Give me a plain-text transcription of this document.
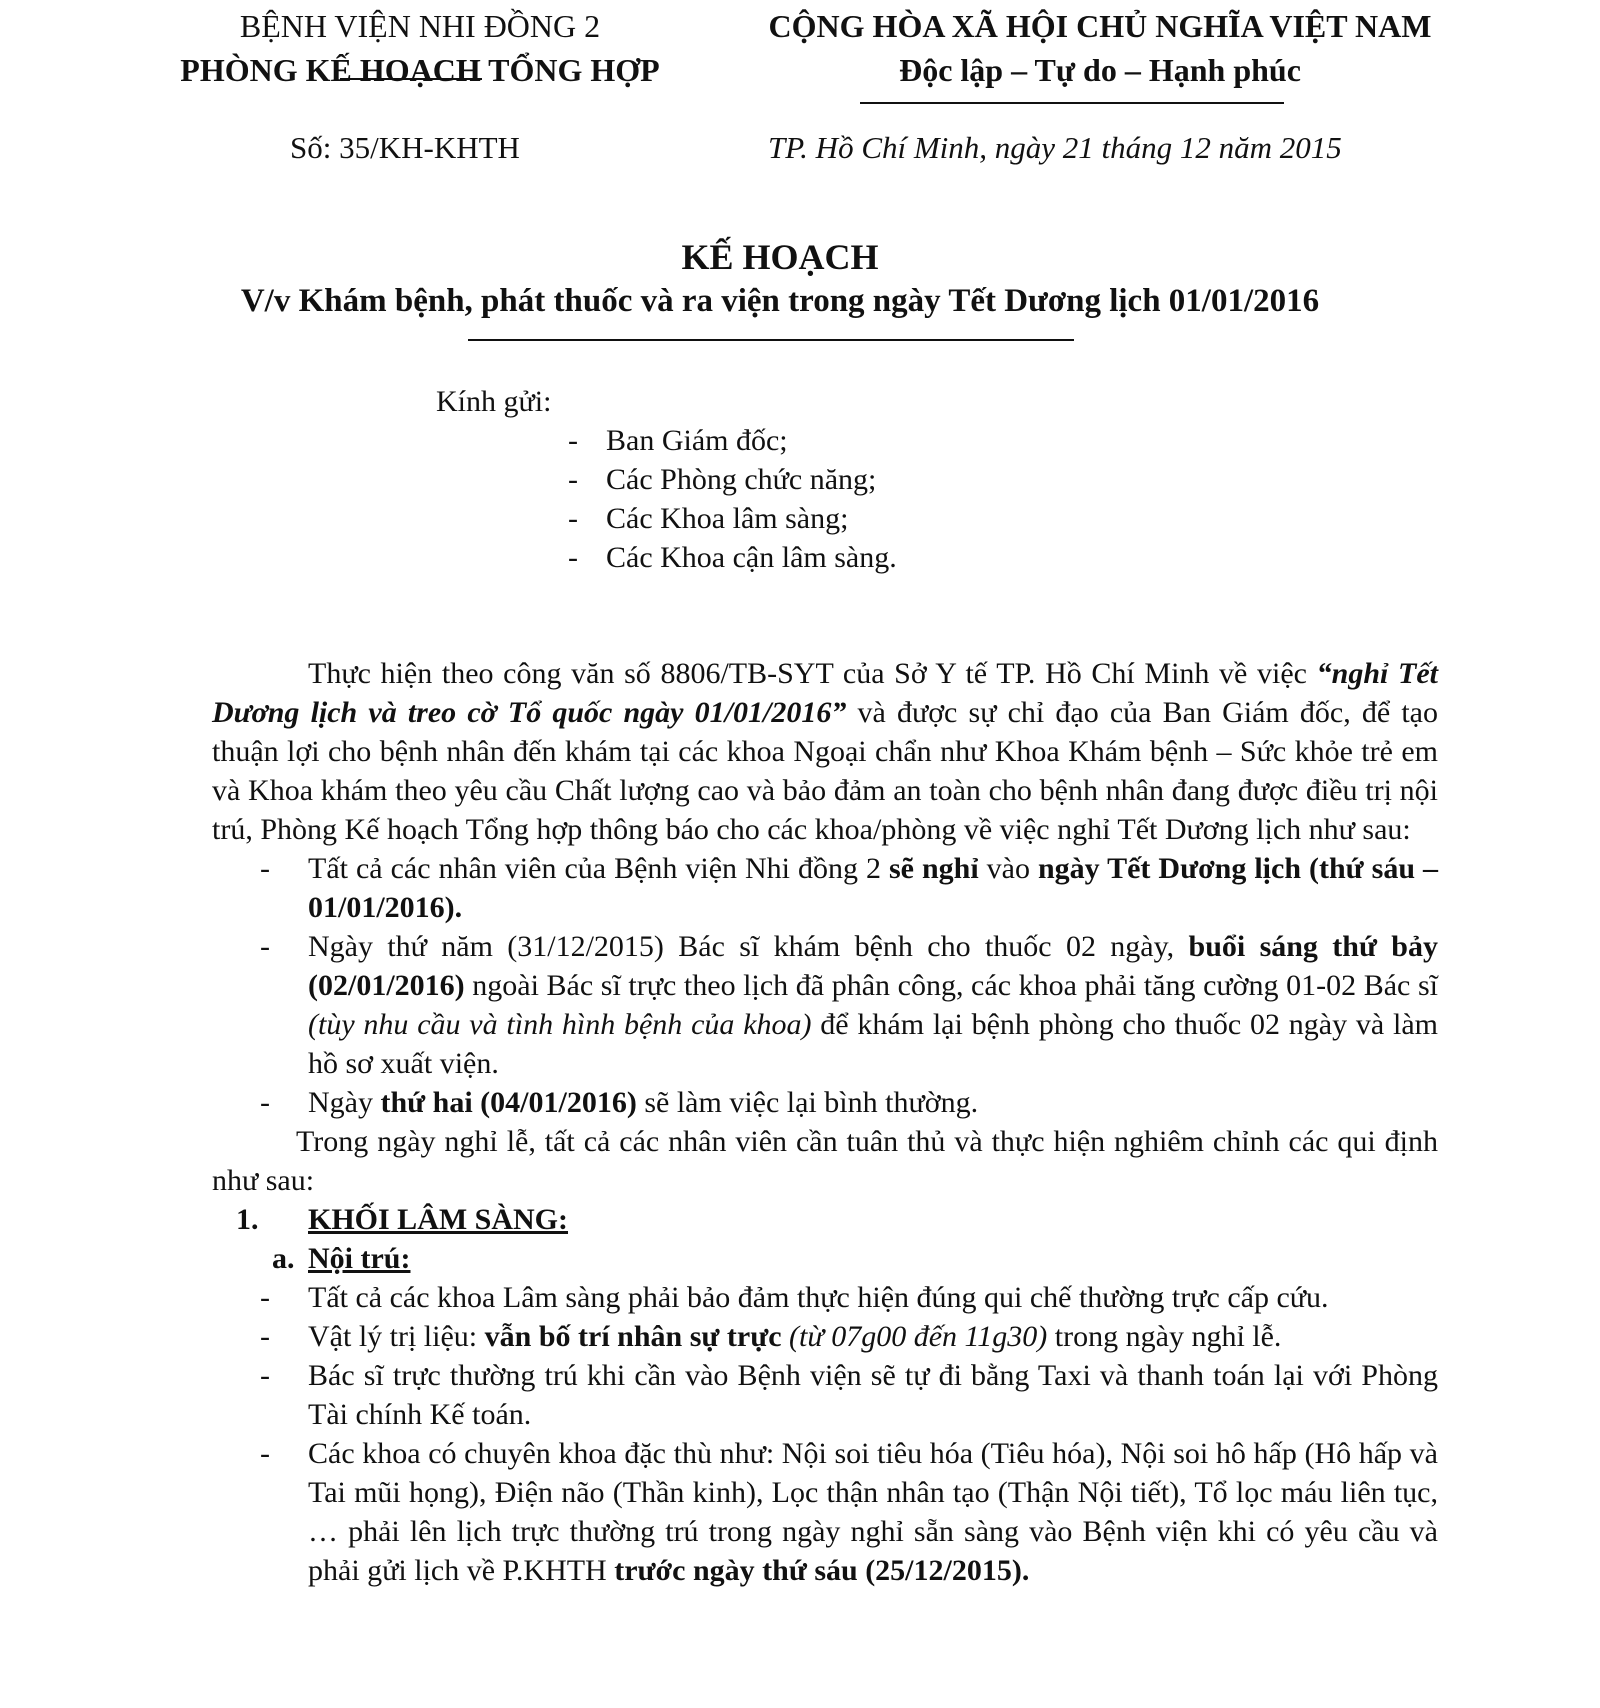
BỆNH VIỆN NHI ĐỒNG 2
PHÒNG KẾ HOẠCH TỔNG HỢP
CỘNG HÒA XÃ HỘI CHỦ NGHĨA VIỆT NAM
Độc lập – Tự do – Hạnh phúc
Số: 35/KH-KHTH	TP. Hồ Chí Minh, ngày 21 tháng 12 năm 2015
KẾ HOẠCH
V/v Khám bệnh, phát thuốc và ra viện trong ngày Tết Dương lịch 01/01/2016
Kính gửi:
- Ban Giám đốc;
- Các Phòng chức năng;
- Các Khoa lâm sàng;
- Các Khoa cận lâm sàng.

Thực hiện theo công văn số 8806/TB-SYT của Sở Y tế TP. Hồ Chí Minh về việc “nghỉ Tết Dương lịch và treo cờ Tổ quốc ngày 01/01/2016” và được sự chỉ đạo của Ban Giám đốc, để tạo thuận lợi cho bệnh nhân đến khám tại các khoa Ngoại chẩn như Khoa Khám bệnh – Sức khỏe trẻ em và Khoa khám theo yêu cầu Chất lượng cao và bảo đảm an toàn cho bệnh nhân đang được điều trị nội trú, Phòng Kế hoạch Tổng hợp thông báo cho các khoa/phòng về việc nghỉ Tết Dương lịch như sau:

- Tất cả các nhân viên của Bệnh viện Nhi đồng 2 sẽ nghỉ vào ngày Tết Dương lịch (thứ sáu – 01/01/2016).

- Ngày thứ năm (31/12/2015) Bác sĩ khám bệnh cho thuốc 02 ngày, buổi sáng thứ bảy (02/01/2016) ngoài Bác sĩ trực theo lịch đã phân công, các khoa phải tăng cường 01-02 Bác sĩ (tùy nhu cầu và tình hình bệnh của khoa) để khám lại bệnh phòng cho thuốc 02 ngày và làm hồ sơ xuất viện.

- Ngày thứ hai (04/01/2016) sẽ làm việc lại bình thường.

Trong ngày nghỉ lễ, tất cả các nhân viên cần tuân thủ và thực hiện nghiêm chỉnh các qui định như sau:

1. KHỐI LÂM SÀNG:
a. Nội trú:

- Tất cả các khoa Lâm sàng phải bảo đảm thực hiện đúng qui chế thường trực cấp cứu.

- Vật lý trị liệu: vẫn bố trí nhân sự trực (từ 07g00 đến 11g30) trong ngày nghỉ lễ.

- Bác sĩ trực thường trú khi cần vào Bệnh viện sẽ tự đi bằng Taxi và thanh toán lại với Phòng Tài chính Kế toán.

- Các khoa có chuyên khoa đặc thù như: Nội soi tiêu hóa (Tiêu hóa), Nội soi hô hấp (Hô hấp và Tai mũi họng), Điện não (Thần kinh), Lọc thận nhân tạo (Thận Nội tiết), Tổ lọc máu liên tục, … phải lên lịch trực thường trú trong ngày nghỉ sẵn sàng vào Bệnh viện khi có yêu cầu và phải gửi lịch về P.KHTH trước ngày thứ sáu (25/12/2015).
